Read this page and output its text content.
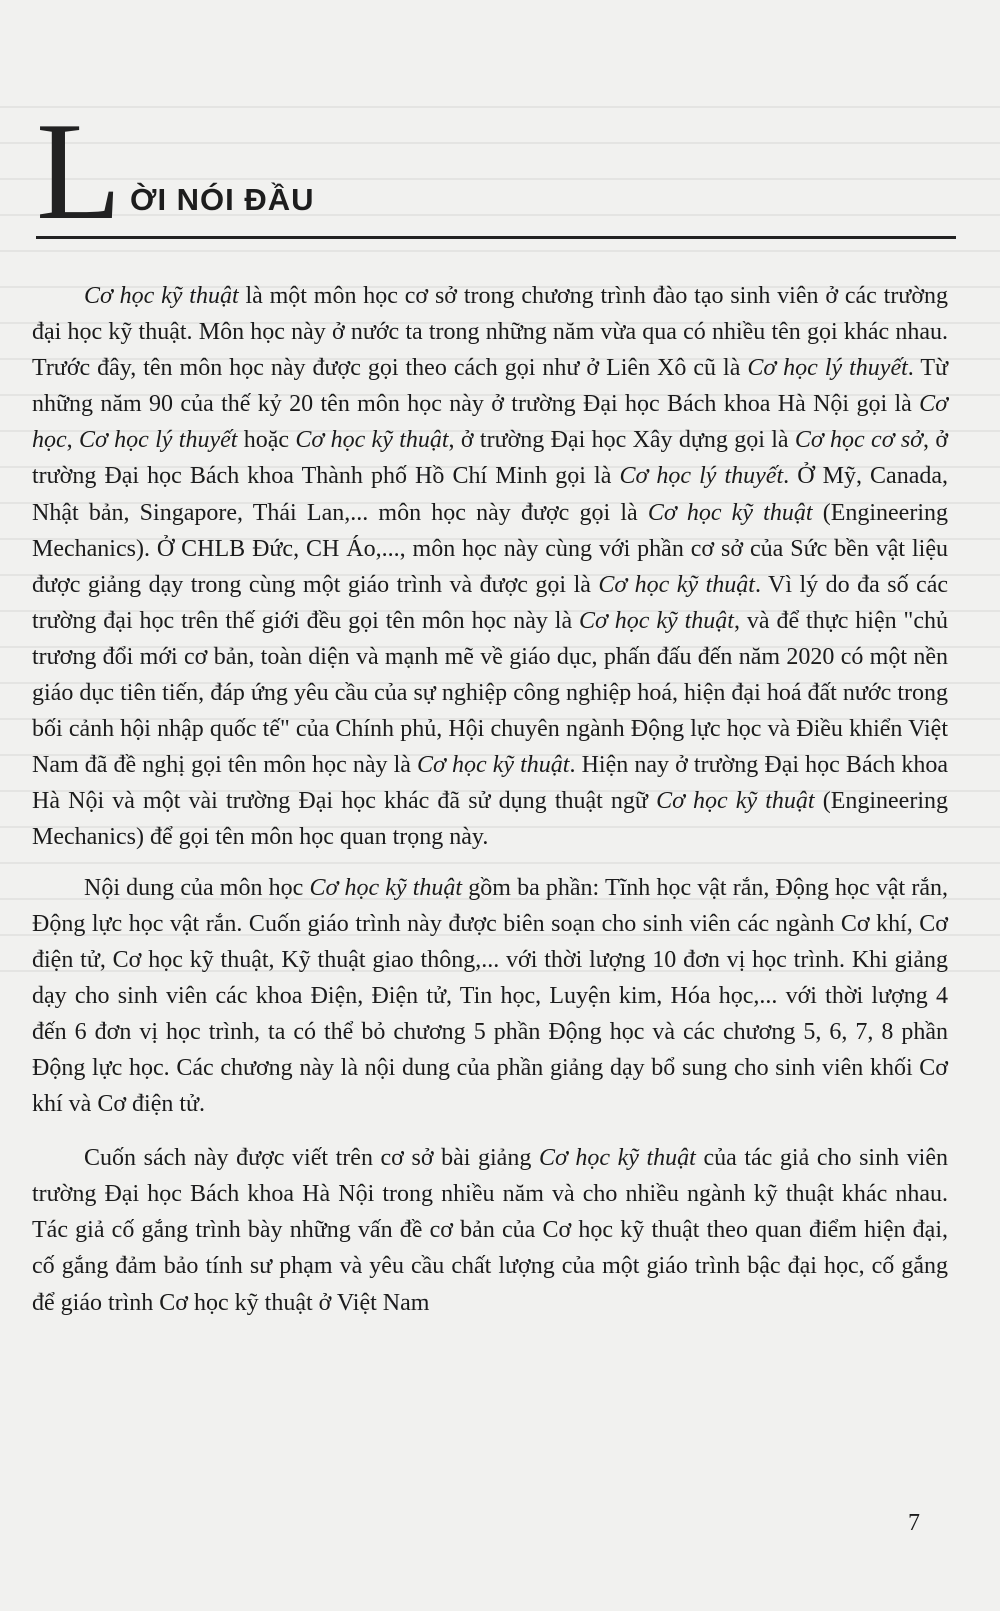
L ỜI NÓI ĐẦU

Cơ học kỹ thuật là một môn học cơ sở trong chương trình đào tạo sinh viên ở các trường đại học kỹ thuật. Môn học này ở nước ta trong những năm vừa qua có nhiều tên gọi khác nhau. Trước đây, tên môn học này được gọi theo cách gọi như ở Liên Xô cũ là Cơ học lý thuyết. Từ những năm 90 của thế kỷ 20 tên môn học này ở trường Đại học Bách khoa Hà Nội gọi là Cơ học, Cơ học lý thuyết hoặc Cơ học kỹ thuật, ở trường Đại học Xây dựng gọi là Cơ học cơ sở, ở trường Đại học Bách khoa Thành phố Hồ Chí Minh gọi là Cơ học lý thuyết. Ở Mỹ, Canada, Nhật bản, Singapore, Thái Lan,... môn học này được gọi là Cơ học kỹ thuật (Engineering Mechanics). Ở CHLB Đức, CH Áo,..., môn học này cùng với phần cơ sở của Sức bền vật liệu được giảng dạy trong cùng một giáo trình và được gọi là Cơ học kỹ thuật. Vì lý do đa số các trường đại học trên thế giới đều gọi tên môn học này là Cơ học kỹ thuật, và để thực hiện "chủ trương đổi mới cơ bản, toàn diện và mạnh mẽ về giáo dục, phấn đấu đến năm 2020 có một nền giáo dục tiên tiến, đáp ứng yêu cầu của sự nghiệp công nghiệp hoá, hiện đại hoá đất nước trong bối cảnh hội nhập quốc tế" của Chính phủ, Hội chuyên ngành Động lực học và Điều khiển Việt Nam đã đề nghị gọi tên môn học này là Cơ học kỹ thuật. Hiện nay ở trường Đại học Bách khoa Hà Nội và một vài trường Đại học khác đã sử dụng thuật ngữ Cơ học kỹ thuật (Engineering Mechanics) để gọi tên môn học quan trọng này.

Nội dung của môn học Cơ học kỹ thuật gồm ba phần: Tĩnh học vật rắn, Động học vật rắn, Động lực học vật rắn. Cuốn giáo trình này được biên soạn cho sinh viên các ngành Cơ khí, Cơ điện tử, Cơ học kỹ thuật, Kỹ thuật giao thông,... với thời lượng 10 đơn vị học trình. Khi giảng dạy cho sinh viên các khoa Điện, Điện tử, Tin học, Luyện kim, Hóa học,... với thời lượng 4 đến 6 đơn vị học trình, ta có thể bỏ chương 5 phần Động học và các chương 5, 6, 7, 8 phần Động lực học. Các chương này là nội dung của phần giảng dạy bổ sung cho sinh viên khối Cơ khí và Cơ điện tử.

Cuốn sách này được viết trên cơ sở bài giảng Cơ học kỹ thuật của tác giả cho sinh viên trường Đại học Bách khoa Hà Nội trong nhiều năm và cho nhiều ngành kỹ thuật khác nhau. Tác giả cố gắng trình bày những vấn đề cơ bản của Cơ học kỹ thuật theo quan điểm hiện đại, cố gắng đảm bảo tính sư phạm và yêu cầu chất lượng của một giáo trình bậc đại học, cố gắng để giáo trình Cơ học kỹ thuật ở Việt Nam

7
